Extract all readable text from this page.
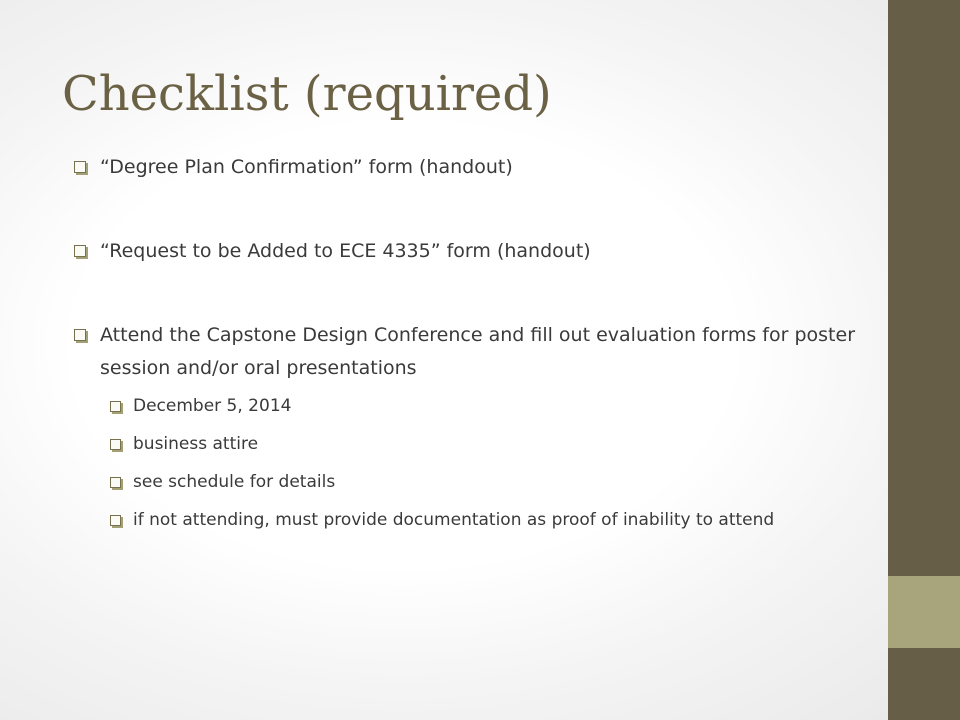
Checklist (required)
“Degree Plan Confirmation” form (handout)
“Request to be Added to ECE 4335” form (handout)
Attend the Capstone Design Conference and fill out evaluation forms for poster session and/or oral presentations
December 5, 2014
business attire
see schedule for details
if not attending, must provide documentation as proof of inability to attend
